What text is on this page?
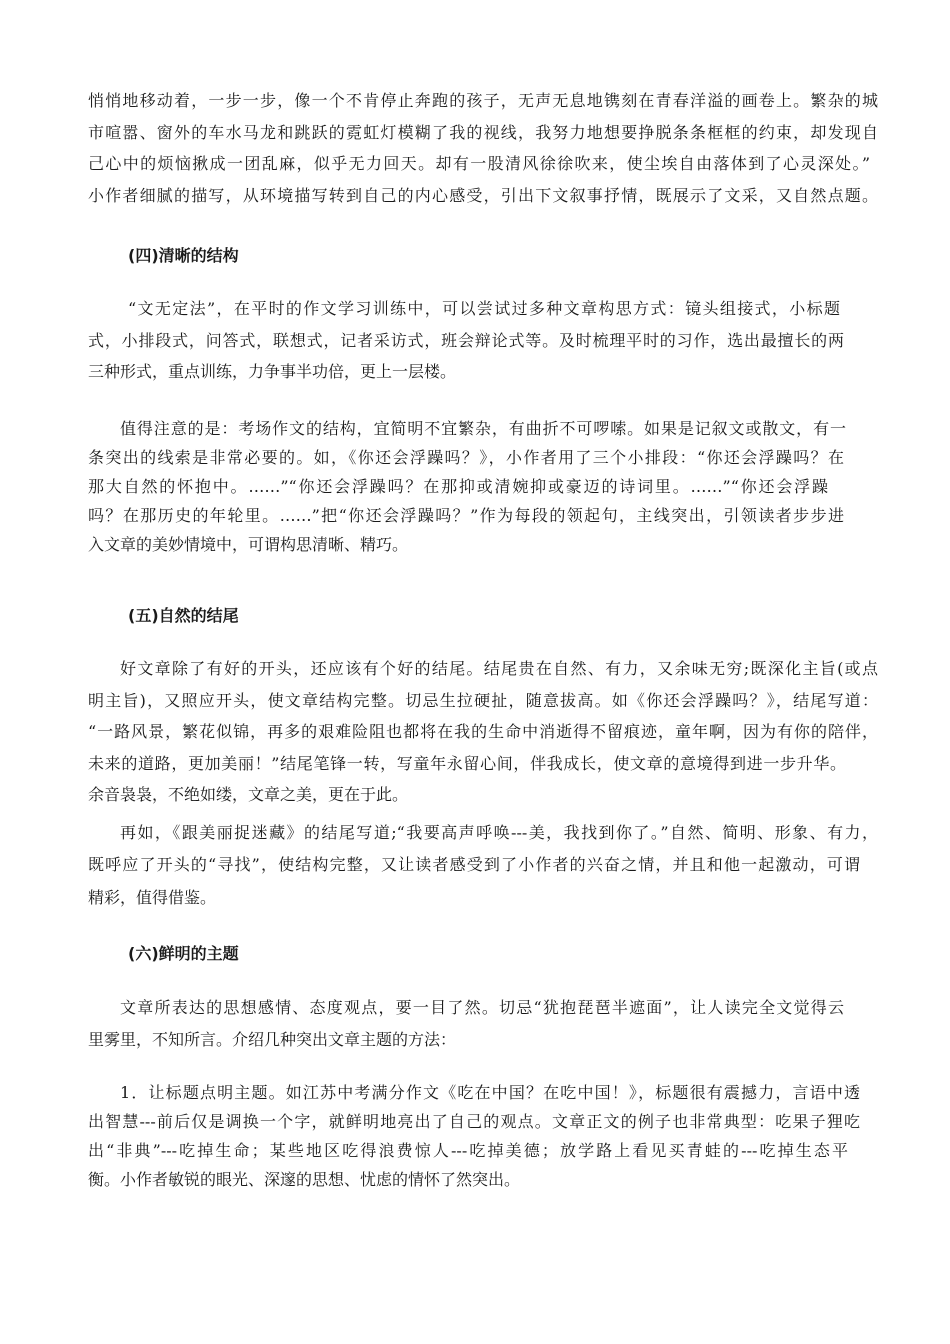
悄悄地移动着，一步一步，像一个不肯停止奔跑的孩子，无声无息地镌刻在青春洋溢的画卷上。繁杂的城
市喧嚣、窗外的车水马龙和跳跃的霓虹灯模糊了我的视线，我努力地想要挣脱条条框框的约束，却发现自
己心中的烦恼揪成一团乱麻，似乎无力回天。却有一股清风徐徐吹来，使尘埃自由落体到了心灵深处。”
小作者细腻的描写，从环境描写转到自己的内心感受，引出下文叙事抒情，既展示了文采，又自然点题。
(四)清晰的结构
“文无定法”，在平时的作文学习训练中，可以尝试过多种文章构思方式：镜头组接式，小标题
式，小排段式，问答式，联想式，记者采访式，班会辩论式等。及时梳理平时的习作，选出最擅长的两
三种形式，重点训练，力争事半功倍，更上一层楼。
值得注意的是：考场作文的结构，宜简明不宜繁杂，有曲折不可啰嗦。如果是记叙文或散文，有一
条突出的线索是非常必要的。如，《你还会浮躁吗？》，小作者用了三个小排段：“你还会浮躁吗？在
那大自然的怀抱中。……”“你还会浮躁吗？在那抑或清婉抑或豪迈的诗词里。……”“你还会浮躁
吗？在那历史的年轮里。……”把“你还会浮躁吗？”作为每段的领起句，主线突出，引领读者步步进
入文章的美妙情境中，可谓构思清晰、精巧。
(五)自然的结尾
好文章除了有好的开头，还应该有个好的结尾。结尾贵在自然、有力，又余味无穷;既深化主旨(或点
明主旨)，又照应开头，使文章结构完整。切忌生拉硬扯，随意拔高。如《你还会浮躁吗？》，结尾写道：
“一路风景，繁花似锦，再多的艰难险阻也都将在我的生命中消逝得不留痕迹，童年啊，因为有你的陪伴，
未来的道路，更加美丽！”结尾笔锋一转，写童年永留心间，伴我成长，使文章的意境得到进一步升华。
余音袅袅，不绝如缕，文章之美，更在于此。
再如，《跟美丽捉迷藏》的结尾写道;“我要高声呼唤---美，我找到你了。”自然、简明、形象、有力，
既呼应了开头的“寻找”，使结构完整，又让读者感受到了小作者的兴奋之情，并且和他一起激动，可谓
精彩，值得借鉴。
(六)鲜明的主题
文章所表达的思想感情、态度观点，要一目了然。切忌“犹抱琵琶半遮面”，让人读完全文觉得云
里雾里，不知所言。介绍几种突出文章主题的方法：
1．让标题点明主题。如江苏中考满分作文《吃在中国？在吃中国！》，标题很有震撼力，言语中透
出智慧---前后仅是调换一个字，就鲜明地亮出了自己的观点。文章正文的例子也非常典型：吃果子狸吃
出“非典”---吃掉生命；某些地区吃得浪费惊人---吃掉美德；放学路上看见买青蛙的---吃掉生态平
衡。小作者敏锐的眼光、深邃的思想、忧虑的情怀了然突出。
